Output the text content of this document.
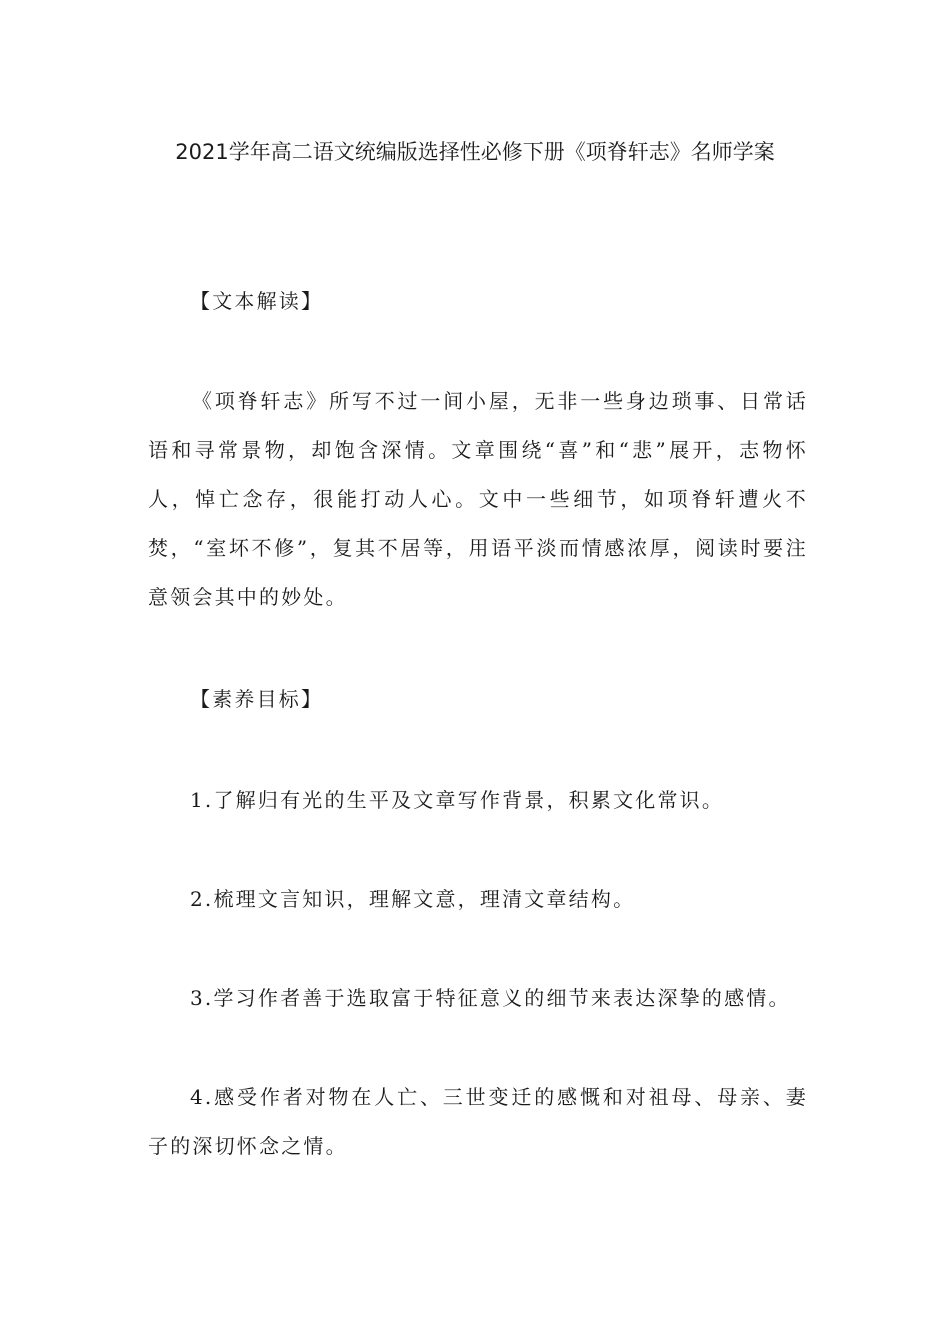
2021学年高二语文统编版选择性必修下册《项脊轩志》名师学案
【文本解读】
《项脊轩志》所写不过一间小屋，无非一些身边琐事、日常话语和寻常景物，却饱含深情。文章围绕“喜”和“悲”展开，志物怀人，悼亡念存，很能打动人心。文中一些细节，如项脊轩遭火不焚，“室坏不修”，复其不居等，用语平淡而情感浓厚，阅读时要注意领会其中的妙处。
【素养目标】
1.了解归有光的生平及文章写作背景，积累文化常识。
2.梳理文言知识，理解文意，理清文章结构。
3.学习作者善于选取富于特征意义的细节来表达深挚的感情。
4.感受作者对物在人亡、三世变迁的感慨和对祖母、母亲、妻子的深切怀念之情。
